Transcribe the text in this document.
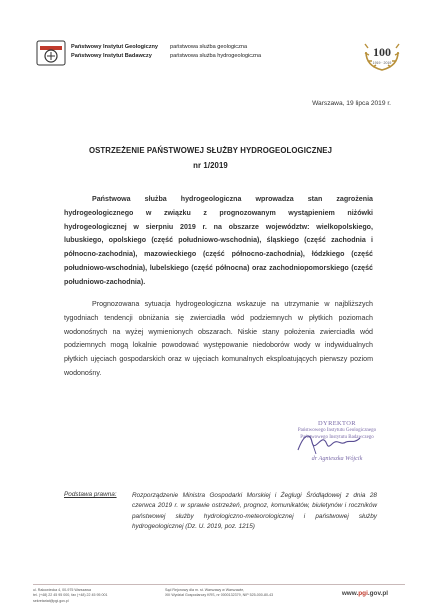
Państwowy Instytut Geologiczny
Państwowy Instytut Badawczy
państwowa służba geologiczna
państwowa służba hydrogeologiczna	100
1919 · 2019
Warszawa, 19 lipca 2019 r.
OSTRZEŻENIE PAŃSTWOWEJ SŁUŻBY HYDROGEOLOGICZNEJ
nr 1/2019
Państwowa służba hydrogeologiczna wprowadza stan zagrożenia hydrogeologicznego w związku z prognozowanym wystąpieniem niżówki hydrogeologicznej w sierpniu 2019 r. na obszarze województw: wielkopolskiego, lubuskiego, opolskiego (część południowo-wschodnia), śląskiego (część zachodnia i północno-zachodnia), mazowieckiego (część północno-zachodnia), łódzkiego (część południowo-wschodnia), lubelskiego (część północna) oraz zachodniopomorskiego (część południowo-zachodnia).
Prognozowana sytuacja hydrogeologiczna wskazuje na utrzymanie w najbliższych tygodniach tendencji obniżania się zwierciadła wód podziemnych w płytkich poziomach wodonośnych na wyżej wymienionych obszarach. Niskie stany położenia zwierciadła wód podziemnych mogą lokalnie powodować występowanie niedoborów wody w indywidualnych płytkich ujęciach gospodarskich oraz w ujęciach komunalnych eksploatujących pierwszy poziom wodonośny.
DYREKTOR
Państwowego Instytutu Geologicznego
Państwowego Instytutu Badawczego
dr Agnieszka Wójcik
Podstawa prawna: Rozporządzenie Ministra Gospodarki Morskiej i Żeglugi Śródlądowej z dnia 28 czerwca 2019 r. w sprawie ostrzeżeń, prognoz, komunikatów, biuletynów i roczników państwowej służby hydrologiczno-meteorologicznej i państwowej służby hydrogeologicznej (Dz. U. 2019, poz. 1215)
ul. Rakowiecka 4, 00-975 Warszawa
tel. (+48) 22 45 95 000, fax (+48) 22 45 95 001
sekretariat@pgi.gov.pl
Sąd Rejonowy dla m. st. Warszawy w Warszawie,
XIII Wydział Gospodarczy KRS, nr 0000132379, NIP 525-000-80-43	www.pgi.gov.pl
